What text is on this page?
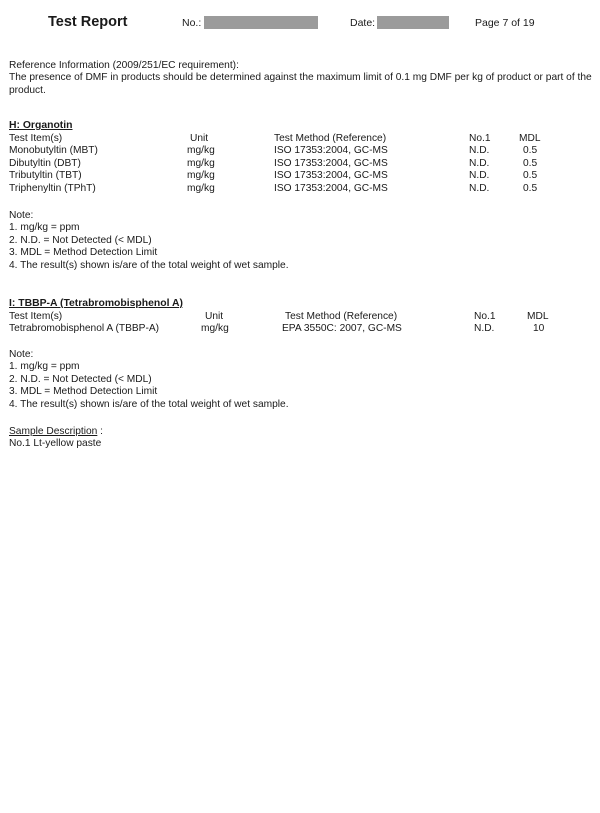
Test Report	No.:	Date:	Page 7 of 19

Reference Information (2009/251/EC requirement):

The presence of DMF in products should be determined against the maximum limit of 0.1 mg DMF per kg of product or part of the product.

H: Organotin
Test Item(s)	Unit	Test Method (Reference)	No.1	MDL
Monobutyltin (MBT)	mg/kg	ISO 17353:2004, GC-MS	N.D.	0.5
Dibutyltin (DBT)	mg/kg	ISO 17353:2004, GC-MS	N.D.	0.5
Tributyltin (TBT)	mg/kg	ISO 17353:2004, GC-MS	N.D.	0.5
Triphenyltin (TPhT)	mg/kg	ISO 17353:2004, GC-MS	N.D.	0.5
Note:
1. mg/kg = ppm
2. N.D. = Not Detected (< MDL)
3. MDL = Method Detection Limit
4. The result(s) shown is/are of the total weight of wet sample.
I: TBBP-A (Tetrabromobisphenol A)
Test Item(s)	Unit	Test Method (Reference)	No.1	MDL
Tetrabromobisphenol A (TBBP-A)	mg/kg	EPA 3550C: 2007, GC-MS	N.D.	10
Note:
1. mg/kg = ppm
2. N.D. = Not Detected (< MDL)
3. MDL = Method Detection Limit
4. The result(s) shown is/are of the total weight of wet sample.
Sample Description :
No.1 Lt-yellow paste
